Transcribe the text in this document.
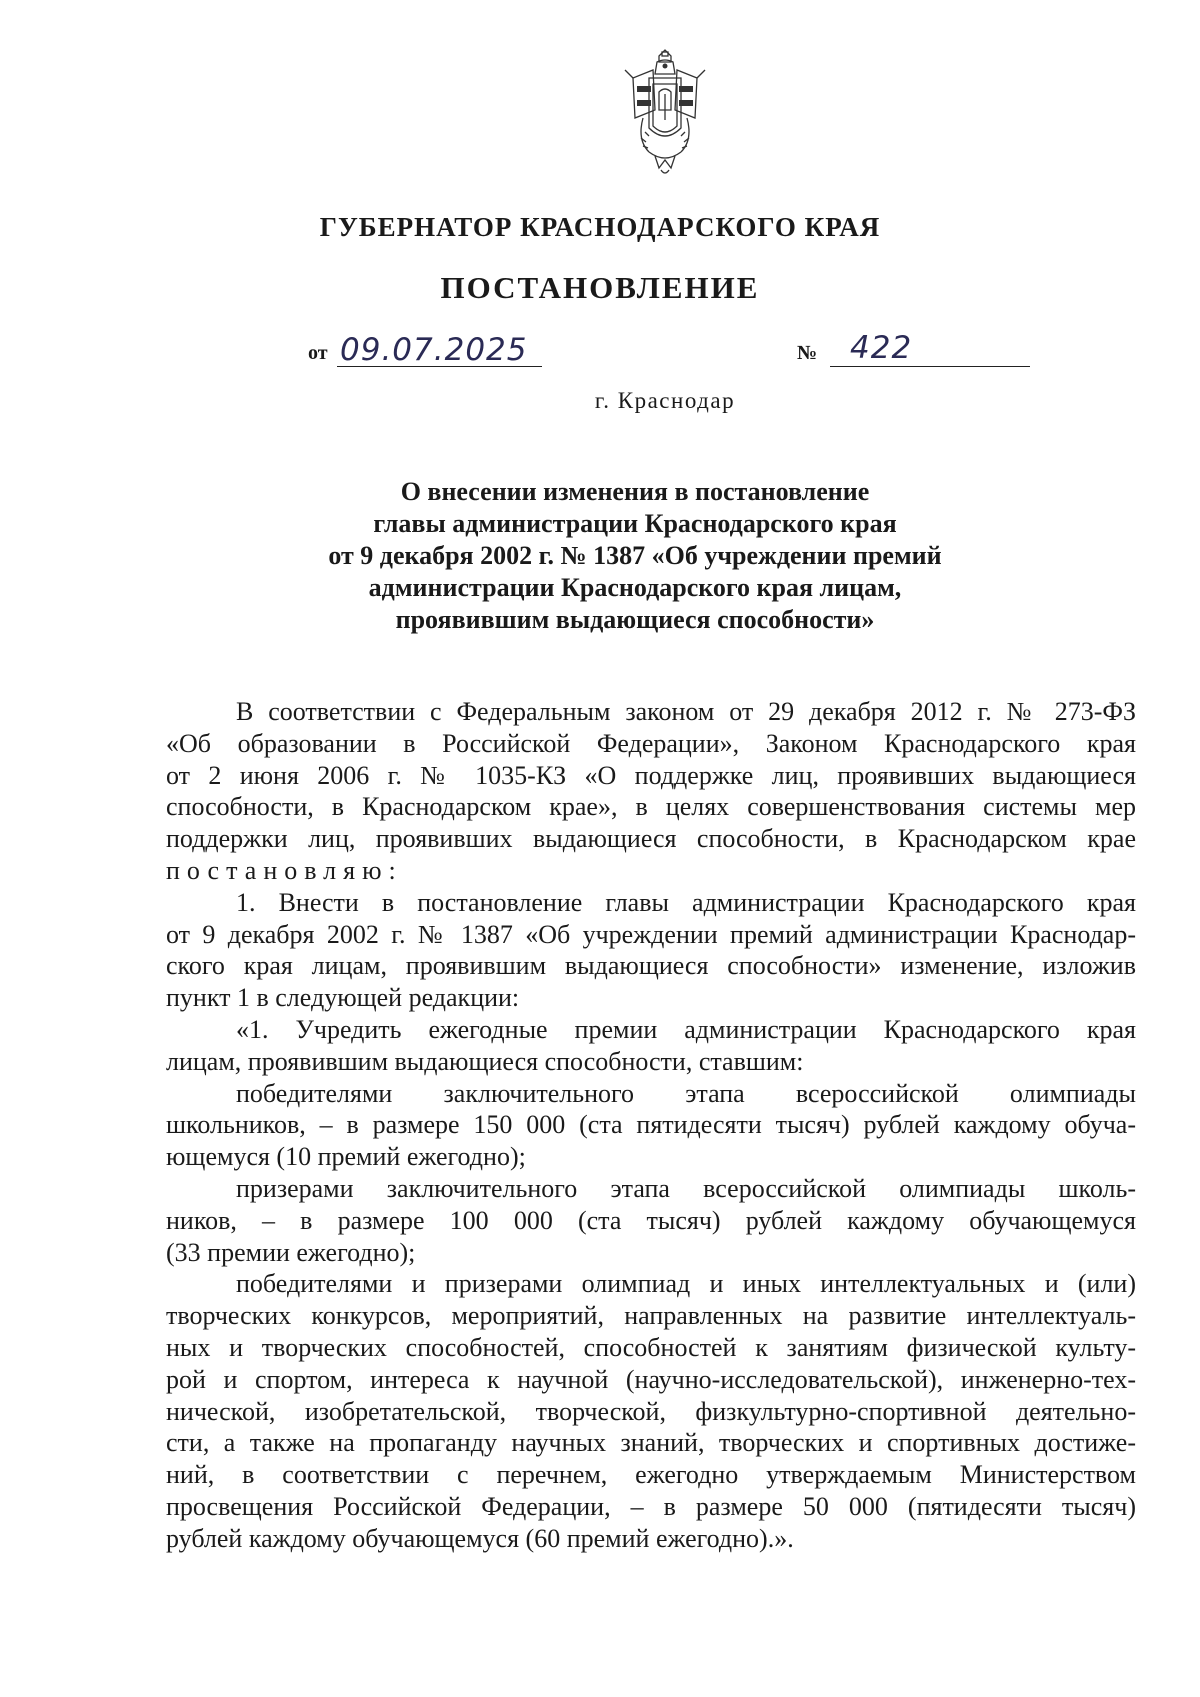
ГУБЕРНАТОР КРАСНОДАРСКОГО КРАЯ
ПОСТАНОВЛЕНИЕ
от 09.07.2025	№ 422
г. Краснодар
О внесении изменения в постановление
главы администрации Краснодарского края
от 9 декабря 2002 г. № 1387 «Об учреждении премий
администрации Краснодарского края лицам,
проявившим выдающиеся способности»
В соответствии с Федеральным законом от 29 декабря 2012 г. № 273-ФЗ
«Об образовании в Российской Федерации», Законом Краснодарского края
от 2 июня 2006 г. № 1035-КЗ «О поддержке лиц, проявивших выдающиеся
способности, в Краснодарском крае», в целях совершенствования системы мер
поддержки лиц, проявивших выдающиеся способности, в Краснодарском крае
постановляю:
1. Внести в постановление главы администрации Краснодарского края
от 9 декабря 2002 г. № 1387 «Об учреждении премий администрации Краснодар-
ского края лицам, проявившим выдающиеся способности» изменение, изложив
пункт 1 в следующей редакции:
«1. Учредить ежегодные премии администрации Краснодарского края
лицам, проявившим выдающиеся способности, ставшим:
победителями заключительного этапа всероссийской олимпиады
школьников, – в размере 150 000 (ста пятидесяти тысяч) рублей каждому обуча-
ющемуся (10 премий ежегодно);
призерами заключительного этапа всероссийской олимпиады школь-
ников, – в размере 100 000 (ста тысяч) рублей каждому обучающемуся
(33 премии ежегодно);
победителями и призерами олимпиад и иных интеллектуальных и (или)
творческих конкурсов, мероприятий, направленных на развитие интеллектуаль-
ных и творческих способностей, способностей к занятиям физической культу-
рой и спортом, интереса к научной (научно-исследовательской), инженерно-тех-
нической, изобретательской, творческой, физкультурно-спортивной деятельно-
сти, а также на пропаганду научных знаний, творческих и спортивных достиже-
ний, в соответствии с перечнем, ежегодно утверждаемым Министерством
просвещения Российской Федерации, – в размере 50 000 (пятидесяти тысяч)
рублей каждому обучающемуся (60 премий ежегодно).».
